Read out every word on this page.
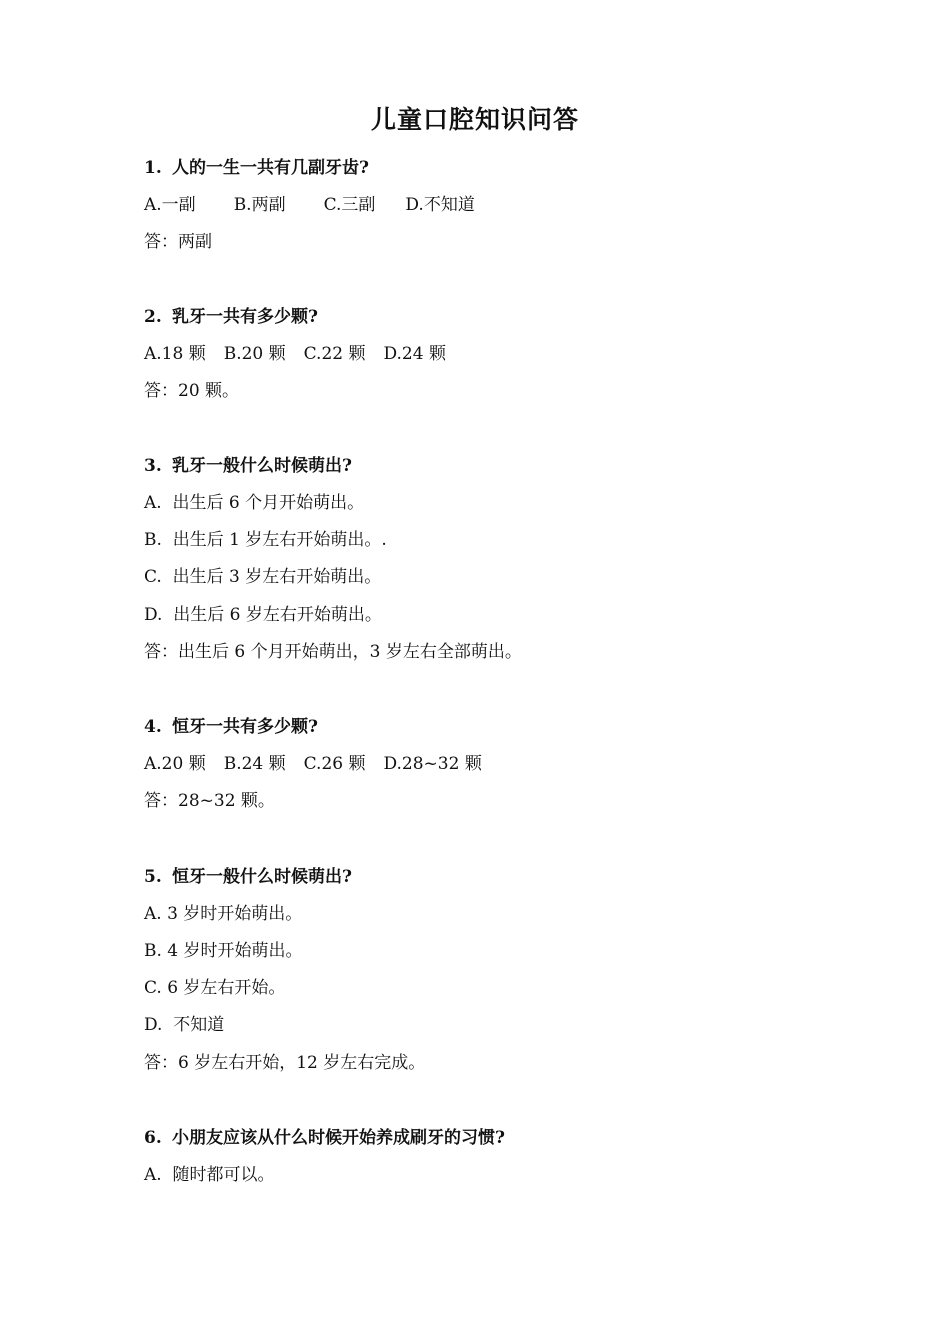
儿童口腔知识问答
1. 人的一生一共有几副牙齿?
A.一副 B.两副 C.三副 D.不知道
答：两副
2. 乳牙一共有多少颗?
A.18 颗 B.20 颗 C.22 颗 D.24 颗
答：20 颗。
3. 乳牙一般什么时候萌出?
A.  出生后 6 个月开始萌出。
B.  出生后 1 岁左右开始萌出。.
C.  出生后 3 岁左右开始萌出。
D.  出生后 6 岁左右开始萌出。
答：出生后 6 个月开始萌出，3 岁左右全部萌出。
4. 恒牙一共有多少颗?
A.20 颗 B.24 颗 C.26 颗 D.28~32 颗
答：28~32 颗。
5. 恒牙一般什么时候萌出?
A. 3 岁时开始萌出。
B. 4 岁时开始萌出。
C. 6 岁左右开始。
D.  不知道
答：6 岁左右开始，12 岁左右完成。
6. 小朋友应该从什么时候开始养成刷牙的习惯?
A.  随时都可以。
